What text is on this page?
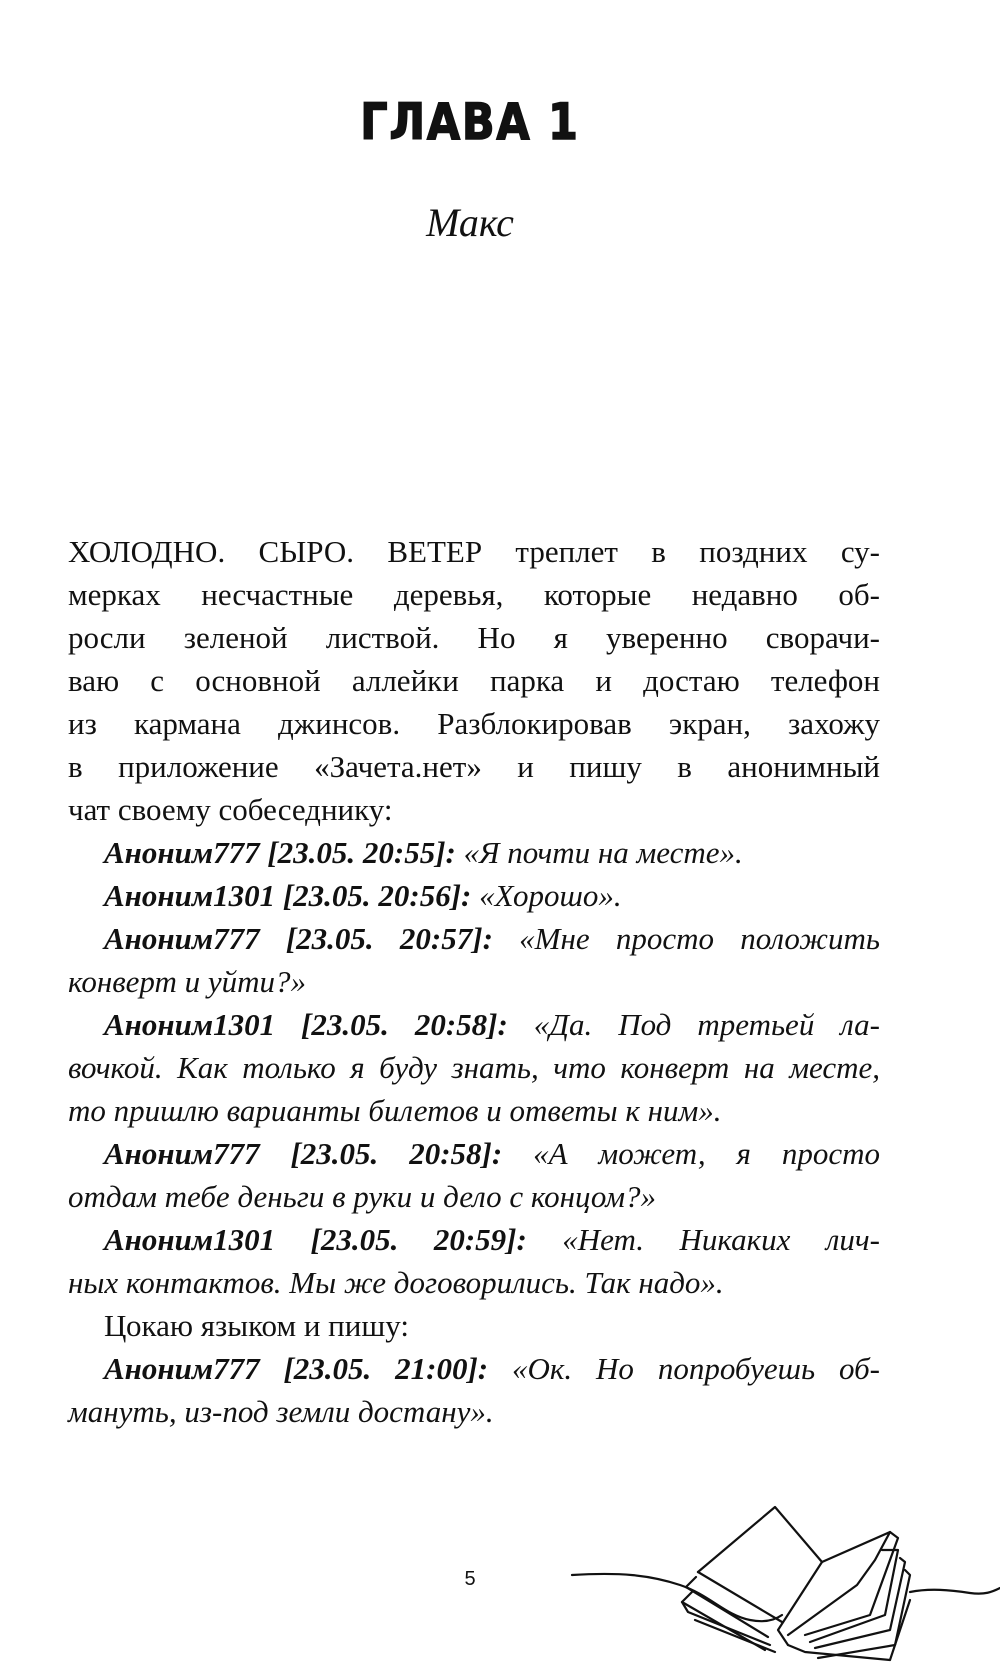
ГЛАВА 1
Макс
ХОЛОДНО. СЫРО. ВЕТЕР треплет в поздних су-
мерках несчастные деревья, которые недавно об-
росли зеленой листвой. Но я уверенно сворачи-
ваю с основной аллейки парка и достаю телефон
из кармана джинсов. Разблокировав экран, захожу
в приложение «Зачета.нет» и пишу в анонимный
чат своему собеседнику:
Аноним777 [23.05. 20:55]: «Я почти на месте».
Аноним1301 [23.05. 20:56]: «Хорошо».
Аноним777 [23.05. 20:57]: «Мне просто положить
конверт и уйти?»
Аноним1301 [23.05. 20:58]: «Да. Под третьей ла-
вочкой. Как только я буду знать, что конверт на месте,
то пришлю варианты билетов и ответы к ним».
Аноним777 [23.05. 20:58]: «А может, я просто
отдам тебе деньги в руки и дело с концом?»
Аноним1301 [23.05. 20:59]: «Нет. Никаких лич-
ных контактов. Мы же договорились. Так надо».
Цокаю языком и пишу:
Аноним777 [23.05. 21:00]: «Ок. Но попробуешь об-
мануть, из-под земли достану».
5
